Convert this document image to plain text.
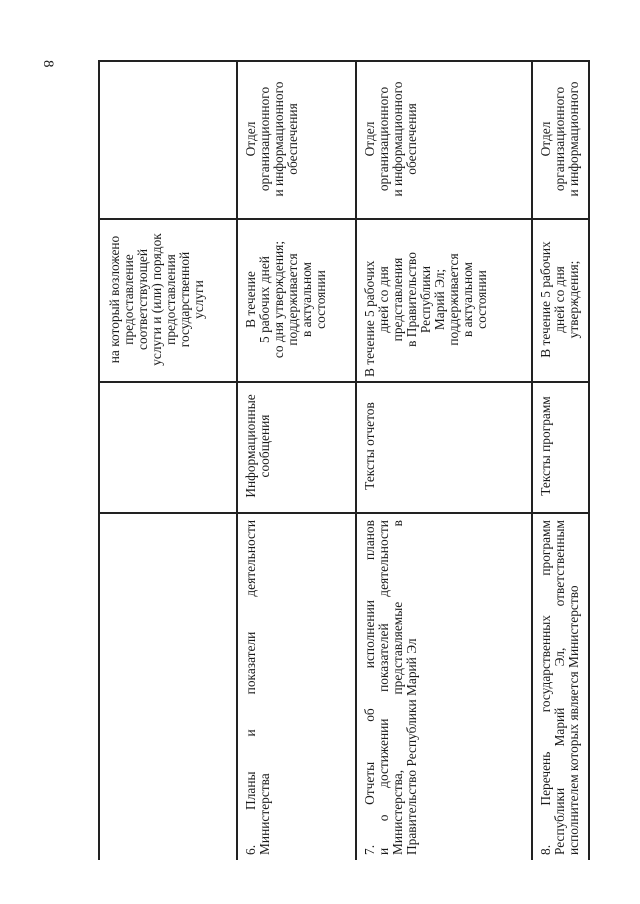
8
на который возложено предоставление соответствующей услуги и (или) порядок предоставления государственной услуги
6.
Планы
и
показатели
деятельности
Министерства
Информационные сообщения
В течение 5 рабочих дней со дня утверждения; поддерживается в актуальном состоянии
Отдел организационного и информационного обеспечения
7.
Отчеты
об
исполнении
планов
и
о
достижении
показателей
деятельности
Министерства,
представляемые
в
Правительство Республики Марий Эл
Тексты отчетов
В течение 5 рабочих дней со дня представления в Правительство Республики Марий Эл; поддерживается в актуальном состоянии
Отдел организационного и информационного обеспечения
8.
Перечень
государственных
программ
Республики
Марий
Эл,
ответственным
исполнителем которых является Министерство
Тексты программ
В течение 5 рабочих дней со дня утверждения;
Отдел организационного и информационного
